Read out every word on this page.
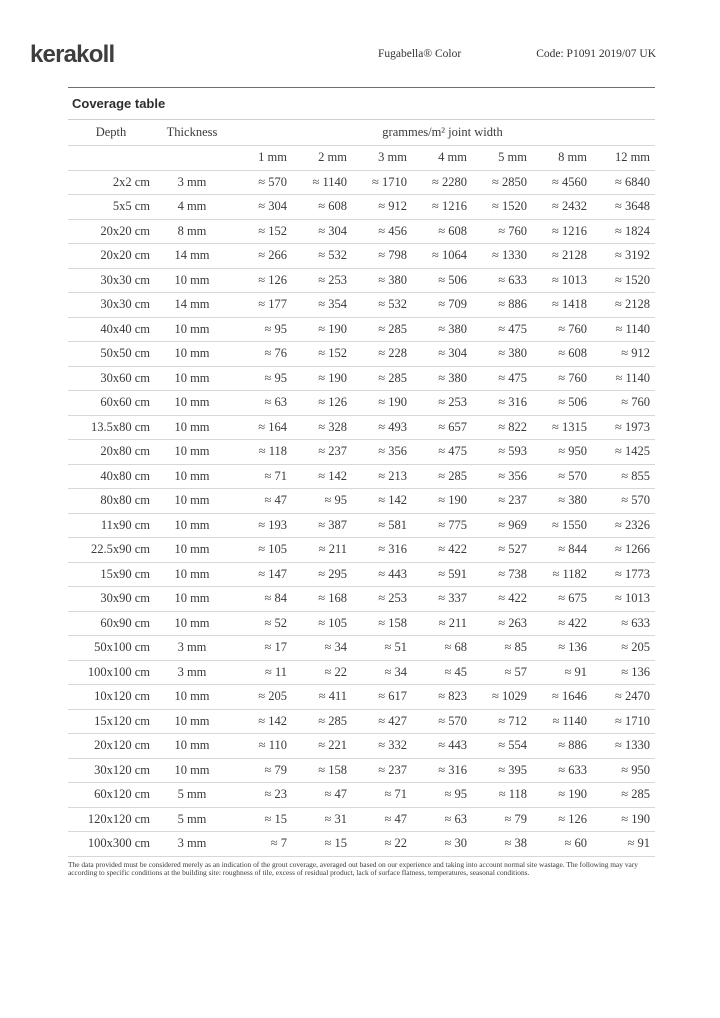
kerakoll	Fugabella® Color	Code: P1091 2019/07 UK
Coverage table
Depth	Thickness	grammes/m² joint width						
		1 mm	2 mm	3 mm	4 mm	5 mm	8 mm	12 mm
2x2 cm	3 mm	≈ 570	≈ 1140	≈ 1710	≈ 2280	≈ 2850	≈ 4560	≈ 6840
5x5 cm	4 mm	≈ 304	≈ 608	≈ 912	≈ 1216	≈ 1520	≈ 2432	≈ 3648
20x20 cm	8 mm	≈ 152	≈ 304	≈ 456	≈ 608	≈ 760	≈ 1216	≈ 1824
20x20 cm	14 mm	≈ 266	≈ 532	≈ 798	≈ 1064	≈ 1330	≈ 2128	≈ 3192
30x30 cm	10 mm	≈ 126	≈ 253	≈ 380	≈ 506	≈ 633	≈ 1013	≈ 1520
30x30 cm	14 mm	≈ 177	≈ 354	≈ 532	≈ 709	≈ 886	≈ 1418	≈ 2128
40x40 cm	10 mm	≈ 95	≈ 190	≈ 285	≈ 380	≈ 475	≈ 760	≈ 1140
50x50 cm	10 mm	≈ 76	≈ 152	≈ 228	≈ 304	≈ 380	≈ 608	≈ 912
30x60 cm	10 mm	≈ 95	≈ 190	≈ 285	≈ 380	≈ 475	≈ 760	≈ 1140
60x60 cm	10 mm	≈ 63	≈ 126	≈ 190	≈ 253	≈ 316	≈ 506	≈ 760
13.5x80 cm	10 mm	≈ 164	≈ 328	≈ 493	≈ 657	≈ 822	≈ 1315	≈ 1973
20x80 cm	10 mm	≈ 118	≈ 237	≈ 356	≈ 475	≈ 593	≈ 950	≈ 1425
40x80 cm	10 mm	≈ 71	≈ 142	≈ 213	≈ 285	≈ 356	≈ 570	≈ 855
80x80 cm	10 mm	≈ 47	≈ 95	≈ 142	≈ 190	≈ 237	≈ 380	≈ 570
11x90 cm	10 mm	≈ 193	≈ 387	≈ 581	≈ 775	≈ 969	≈ 1550	≈ 2326
22.5x90 cm	10 mm	≈ 105	≈ 211	≈ 316	≈ 422	≈ 527	≈ 844	≈ 1266
15x90 cm	10 mm	≈ 147	≈ 295	≈ 443	≈ 591	≈ 738	≈ 1182	≈ 1773
30x90 cm	10 mm	≈ 84	≈ 168	≈ 253	≈ 337	≈ 422	≈ 675	≈ 1013
60x90 cm	10 mm	≈ 52	≈ 105	≈ 158	≈ 211	≈ 263	≈ 422	≈ 633
50x100 cm	3 mm	≈ 17	≈ 34	≈ 51	≈ 68	≈ 85	≈ 136	≈ 205
100x100 cm	3 mm	≈ 11	≈ 22	≈ 34	≈ 45	≈ 57	≈ 91	≈ 136
10x120 cm	10 mm	≈ 205	≈ 411	≈ 617	≈ 823	≈ 1029	≈ 1646	≈ 2470
15x120 cm	10 mm	≈ 142	≈ 285	≈ 427	≈ 570	≈ 712	≈ 1140	≈ 1710
20x120 cm	10 mm	≈ 110	≈ 221	≈ 332	≈ 443	≈ 554	≈ 886	≈ 1330
30x120 cm	10 mm	≈ 79	≈ 158	≈ 237	≈ 316	≈ 395	≈ 633	≈ 950
60x120 cm	5 mm	≈ 23	≈ 47	≈ 71	≈ 95	≈ 118	≈ 190	≈ 285
120x120 cm	5 mm	≈ 15	≈ 31	≈ 47	≈ 63	≈ 79	≈ 126	≈ 190
100x300 cm	3 mm	≈ 7	≈ 15	≈ 22	≈ 30	≈ 38	≈ 60	≈ 91

The data provided must be considered merely as an indication of the grout coverage, averaged out based on our experience and taking into account normal site wastage. The following may vary according to specific conditions at the building site: roughness of tile, excess of residual product, lack of surface flatness, temperatures, seasonal conditions.
